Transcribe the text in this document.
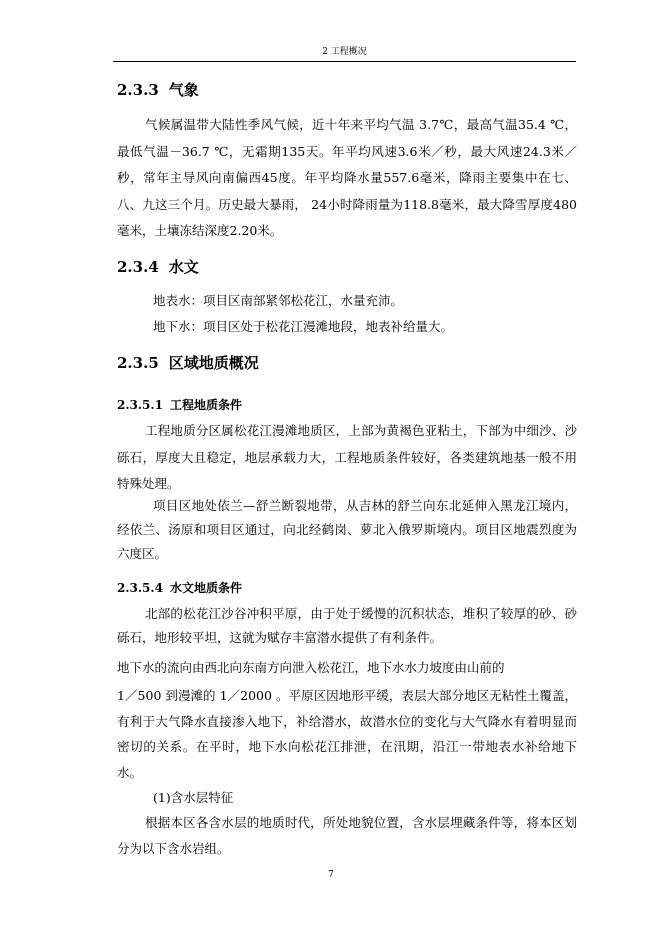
2 工程概况
2.3.3 气象
气候属温带大陆性季风气候，近十年来平均气温 3.7℃，最高气温35.4 ℃，最低气温－36.7 ℃，无霜期135天。年平均风速3.6米／秒，最大风速24.3米／秒，常年主导风向南偏西45度。年平均降水量557.6毫米，降雨主要集中在七、八、九这三个月。历史最大暴雨， 24小时降雨量为118.8毫米，最大降雪厚度480毫米，土壤冻结深度2.20米。
2.3.4 水文
地表水：项目区南部紧邻松花江，水量充沛。
地下水：项目区处于松花江漫滩地段，地表补给量大。
2.3.5 区域地质概况
2.3.5.1 工程地质条件
工程地质分区属松花江漫滩地质区，上部为黄褐色亚粘土，下部为中细沙、沙砾石，厚度大且稳定，地层承载力大，工程地质条件较好，各类建筑地基一般不用特殊处理。
项目区地处依兰—舒兰断裂地带，从吉林的舒兰向东北延伸入黑龙江境内，经依兰、汤原和项目区通过，向北经鹤岗、萝北入俄罗斯境内。项目区地震烈度为六度区。
2.3.5.4 水文地质条件
北部的松花江沙谷冲积平原，由于处于缓慢的沉积状态，堆积了较厚的砂、砂砾石，地形较平坦，这就为赋存丰富潜水提供了有利条件。
地下水的流向由西北向东南方向泄入松花江，地下水水力坡度由山前的
1／500 到漫滩的 1／2000 。平原区因地形平缓，表层大部分地区无粘性土覆盖，有利于大气降水直接渗入地下，补给潜水，故潜水位的变化与大气降水有着明显而密切的关系。在平时，地下水向松花江排泄，在汛期，沿江一带地表水补给地下水。
(1)含水层特征
根据本区各含水层的地质时代，所处地貌位置，含水层埋藏条件等，将本区划分为以下含水岩组。
7
